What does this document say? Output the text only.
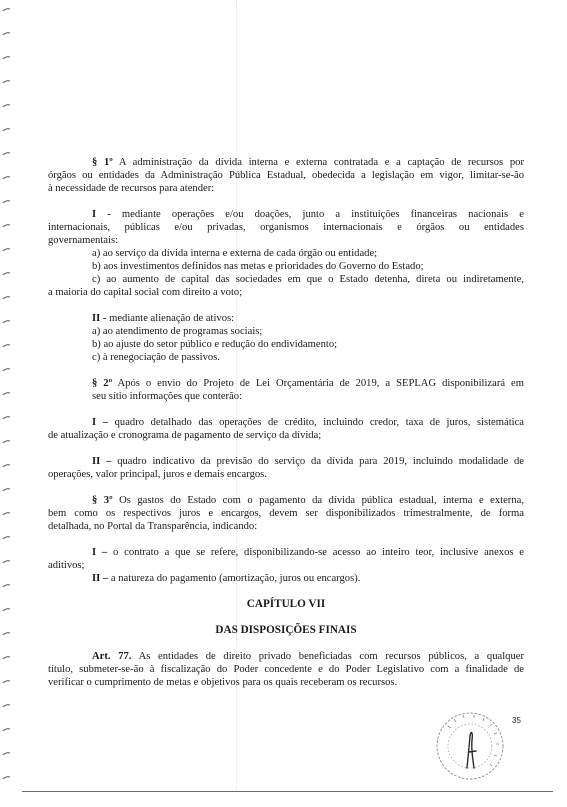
§ 1º A administração da dívida interna e externa contratada e a captação de recursos por

órgãos ou entidades da Administração Pública Estadual, obedecida a legislação em vigor, limitar-se-ão

à necessidade de recursos para atender:

I - mediante operações e/ou doações, junto a instituições financeiras nacionais e

internacionais, públicas e/ou privadas, organismos internacionais e órgãos ou entidades

governamentais:

a) ao serviço da dívida interna e externa de cada órgão ou entidade;

b) aos investimentos definidos nas metas e prioridades do Governo do Estado;

c) ao aumento de capital das sociedades em que o Estado detenha, direta ou indiretamente,

a maioria do capital social com direito a voto;

II - mediante alienação de ativos:

a) ao atendimento de programas sociais;

b) ao ajuste do setor público e redução do endividamento;

c) à renegociação de passivos.

§ 2º Após o envio do Projeto de Lei Orçamentária de 2019, a SEPLAG disponibilizará em

seu sítio informações que conterão:

I – quadro detalhado das operações de crédito, incluindo credor, taxa de juros, sistemática

de atualização e cronograma de pagamento de serviço da dívida;

II – quadro indicativo da previsão do serviço da dívida para 2019, incluindo modalidade de

operações, valor principal, juros e demais encargos.

§ 3º Os gastos do Estado com o pagamento da dívida pública estadual, interna e externa,

bem como os respectivos juros e encargos, devem ser disponibilizados trimestralmente, de forma

detalhada, no Portal da Transparência, indicando:

I – o contrato a que se refere, disponibilizando-se acesso ao inteiro teor, inclusive anexos e

aditivos;

II – a natureza do pagamento (amortização, juros ou encargos).

CAPÍTULO VII

DAS DISPOSIÇÕES FINAIS

Art. 77. As entidades de direito privado beneficiadas com recursos públicos, a qualquer

título, submeter-se-ão à fiscalização do Poder concedente e do Poder Legislativo com a finalidade de

verificar o cumprimento de metas e objetivos para os quais receberam os recursos.

35
